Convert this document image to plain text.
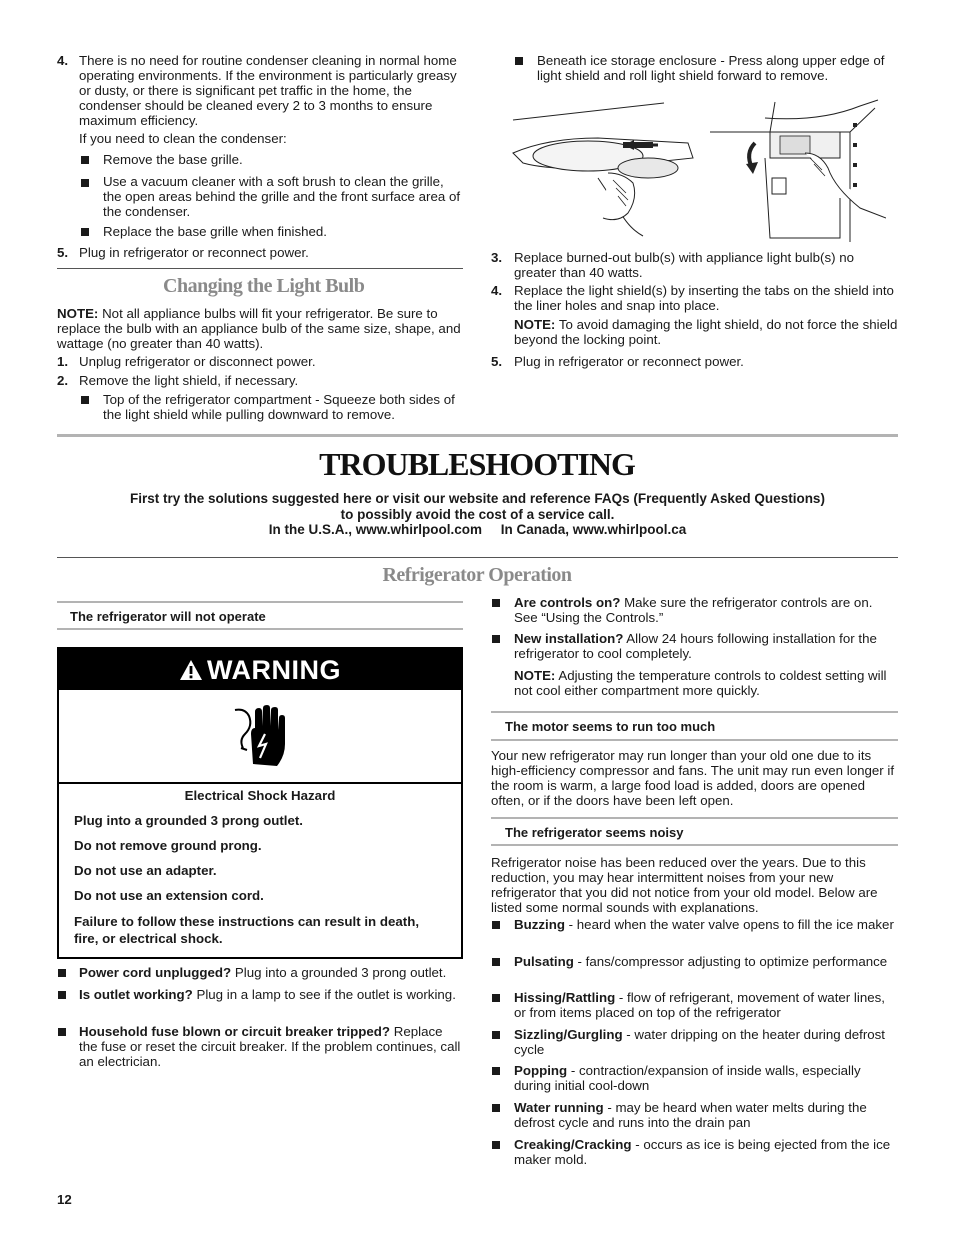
4. There is no need for routine condenser cleaning in normal home operating environments. If the environment is particularly greasy or dusty, or there is significant pet traffic in the home, the condenser should be cleaned every 2 to 3 months to ensure maximum efficiency.

If you need to clean the condenser:

Remove the base grille.

Use a vacuum cleaner with a soft brush to clean the grille, the open areas behind the grille and the front surface area of the condenser.

Replace the base grille when finished.

5. Plug in refrigerator or reconnect power.

Changing the Light Bulb

NOTE: Not all appliance bulbs will fit your refrigerator. Be sure to replace the bulb with an appliance bulb of the same size, shape, and wattage (no greater than 40 watts).

1. Unplug refrigerator or disconnect power.

2. Remove the light shield, if necessary.

Top of the refrigerator compartment - Squeeze both sides of the light shield while pulling downward to remove.

Beneath ice storage enclosure - Press along upper edge of light shield and roll light shield forward to remove.

3. Replace burned-out bulb(s) with appliance light bulb(s) no greater than 40 watts.

4. Replace the light shield(s) by inserting the tabs on the shield into the liner holes and snap into place.

NOTE: To avoid damaging the light shield, do not force the shield beyond the locking point.

5. Plug in refrigerator or reconnect power.

TROUBLESHOOTING
First try the solutions suggested here or visit our website and reference FAQs (Frequently Asked Questions)
to possibly avoid the cost of a service call.
In the U.S.A., www.whirlpool.com In Canada, www.whirlpool.ca
Refrigerator Operation
The refrigerator will not operate
WARNING
Electrical Shock Hazard

Plug into a grounded 3 prong outlet.

Do not remove ground prong.

Do not use an adapter.

Do not use an extension cord.

Failure to follow these instructions can result in death, fire, or electrical shock.

Power cord unplugged? Plug into a grounded 3 prong outlet.

Is outlet working? Plug in a lamp to see if the outlet is working.

Household fuse blown or circuit breaker tripped? Replace the fuse or reset the circuit breaker. If the problem continues, call an electrician.

Are controls on? Make sure the refrigerator controls are on. See “Using the Controls.”

New installation? Allow 24 hours following installation for the refrigerator to cool completely.

NOTE: Adjusting the temperature controls to coldest setting will not cool either compartment more quickly.

The motor seems to run too much

Your new refrigerator may run longer than your old one due to its high-efficiency compressor and fans. The unit may run even longer if the room is warm, a large food load is added, doors are opened often, or if the doors have been left open.

The refrigerator seems noisy

Refrigerator noise has been reduced over the years. Due to this reduction, you may hear intermittent noises from your new refrigerator that you did not notice from your old model. Below are listed some normal sounds with explanations.

Buzzing - heard when the water valve opens to fill the ice maker

Pulsating - fans/compressor adjusting to optimize performance

Hissing/Rattling - flow of refrigerant, movement of water lines, or from items placed on top of the refrigerator

Sizzling/Gurgling - water dripping on the heater during defrost cycle

Popping - contraction/expansion of inside walls, especially during initial cool-down

Water running - may be heard when water melts during the defrost cycle and runs into the drain pan

Creaking/Cracking - occurs as ice is being ejected from the ice maker mold.

12
